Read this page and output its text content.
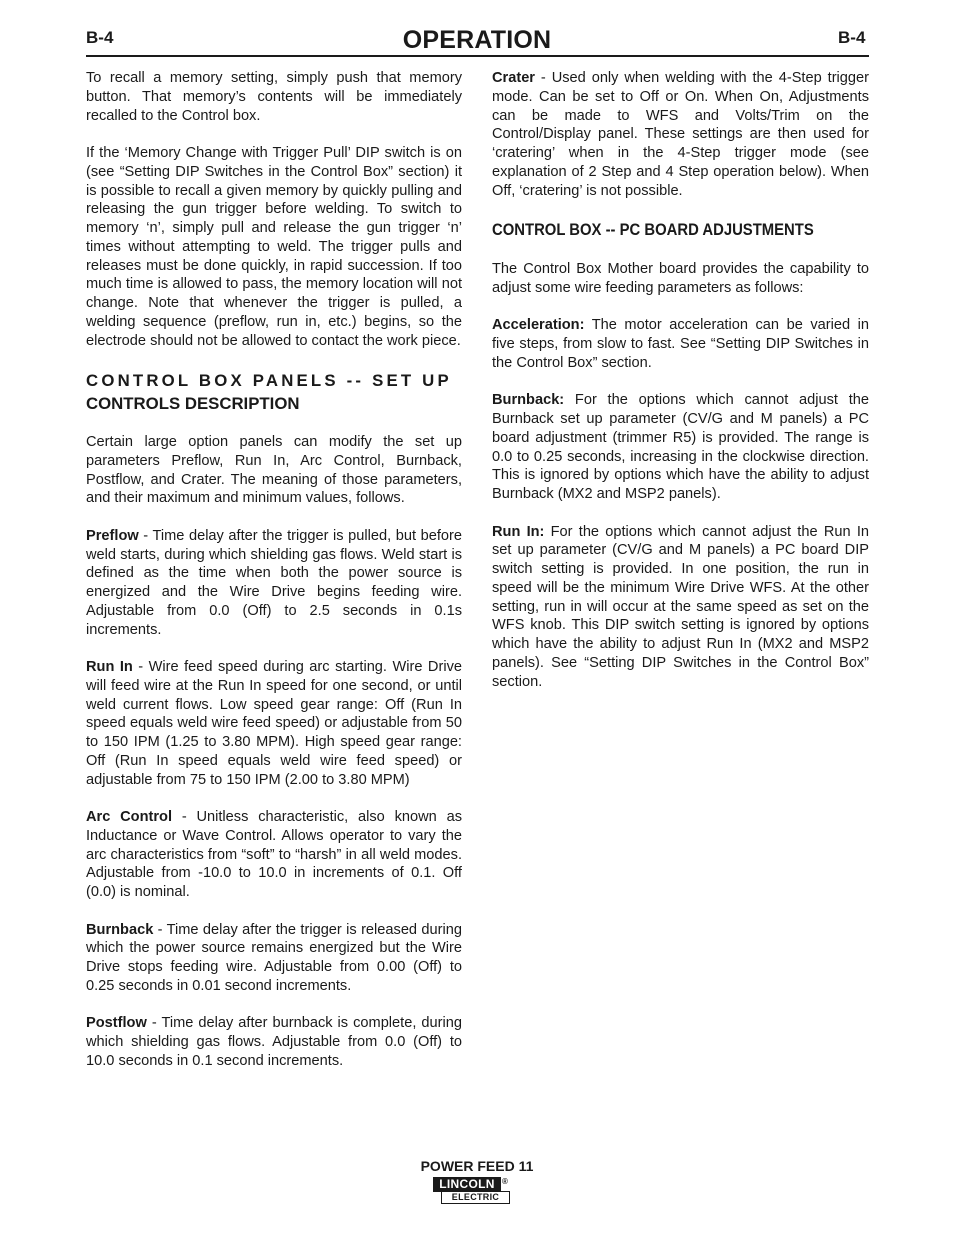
B-4	OPERATION	B-4

To recall a memory setting, simply push that memory button. That memory’s contents will be immediately recalled to the Control box.

If the ‘Memory Change with Trigger Pull’ DIP switch is on (see “Setting DIP Switches in the Control Box” section) it is possible to recall a given memory by quickly pulling and releasing the gun trigger before welding. To switch to memory ‘n’, simply pull and release the gun trigger ‘n’ times without attempting to weld. The trigger pulls and releases must be done quickly, in rapid succession. If too much time is allowed to pass, the memory location will not change. Note that whenever the trigger is pulled, a welding sequence (preflow, run in, etc.) begins, so the electrode should not be allowed to contact the work piece.

CONTROL BOX PANELS -- SET UP
CONTROLS DESCRIPTION

Certain large option panels can modify the set up parameters Preflow, Run In, Arc Control, Burnback, Postflow, and Crater. The meaning of those parameters, and their maximum and minimum values, follows.

Preflow - Time delay after the trigger is pulled, but before weld starts, during which shielding gas flows. Weld start is defined as the time when both the power source is energized and the Wire Drive begins feeding wire. Adjustable from 0.0 (Off) to 2.5 seconds in 0.1s increments.

Run In - Wire feed speed during arc starting. Wire Drive will feed wire at the Run In speed for one second, or until weld current flows. Low speed gear range: Off (Run In speed equals weld wire feed speed) or adjustable from 50 to 150 IPM (1.25 to 3.80 MPM). High speed gear range: Off (Run In speed equals weld wire feed speed) or adjustable from 75 to 150 IPM (2.00 to 3.80 MPM)

Arc Control - Unitless characteristic, also known as Inductance or Wave Control. Allows operator to vary the arc characteristics from “soft” to “harsh” in all weld modes. Adjustable from -10.0 to 10.0 in increments of 0.1. Off (0.0) is nominal.

Burnback - Time delay after the trigger is released during which the power source remains energized but the Wire Drive stops feeding wire. Adjustable from 0.00 (Off) to 0.25 seconds in 0.01 second increments.

Postflow - Time delay after burnback is complete, during which shielding gas flows. Adjustable from 0.0 (Off) to 10.0 seconds in 0.1 second increments.

Crater - Used only when welding with the 4-Step trigger mode. Can be set to Off or On. When On, Adjustments can be made to WFS and Volts/Trim on the Control/Display panel. These settings are then used for ‘cratering’ when in the 4-Step trigger mode (see explanation of 2 Step and 4 Step operation below). When Off, ‘cratering’ is not possible.

CONTROL BOX -- PC BOARD ADJUSTMENTS

The Control Box Mother board provides the capability to adjust some wire feeding parameters as follows:

Acceleration: The motor acceleration can be varied in five steps, from slow to fast. See “Setting DIP Switches in the Control Box” section.

Burnback: For the options which cannot adjust the Burnback set up parameter (CV/G and M panels) a PC board adjustment (trimmer R5) is provided. The range is 0.0 to 0.25 seconds, increasing in the clockwise direction. This is ignored by options which have the ability to adjust Burnback (MX2 and MSP2 panels).

Run In: For the options which cannot adjust the Run In set up parameter (CV/G and M panels) a PC board DIP switch setting is provided. In one position, the run in speed will be the minimum Wire Drive WFS. At the other setting, run in will occur at the same speed as set on the WFS knob. This DIP switch setting is ignored by options which have the ability to adjust Run In (MX2 and MSP2 panels). See “Setting DIP Switches in the Control Box” section.

POWER FEED 11
LINCOLN ®
ELECTRIC
